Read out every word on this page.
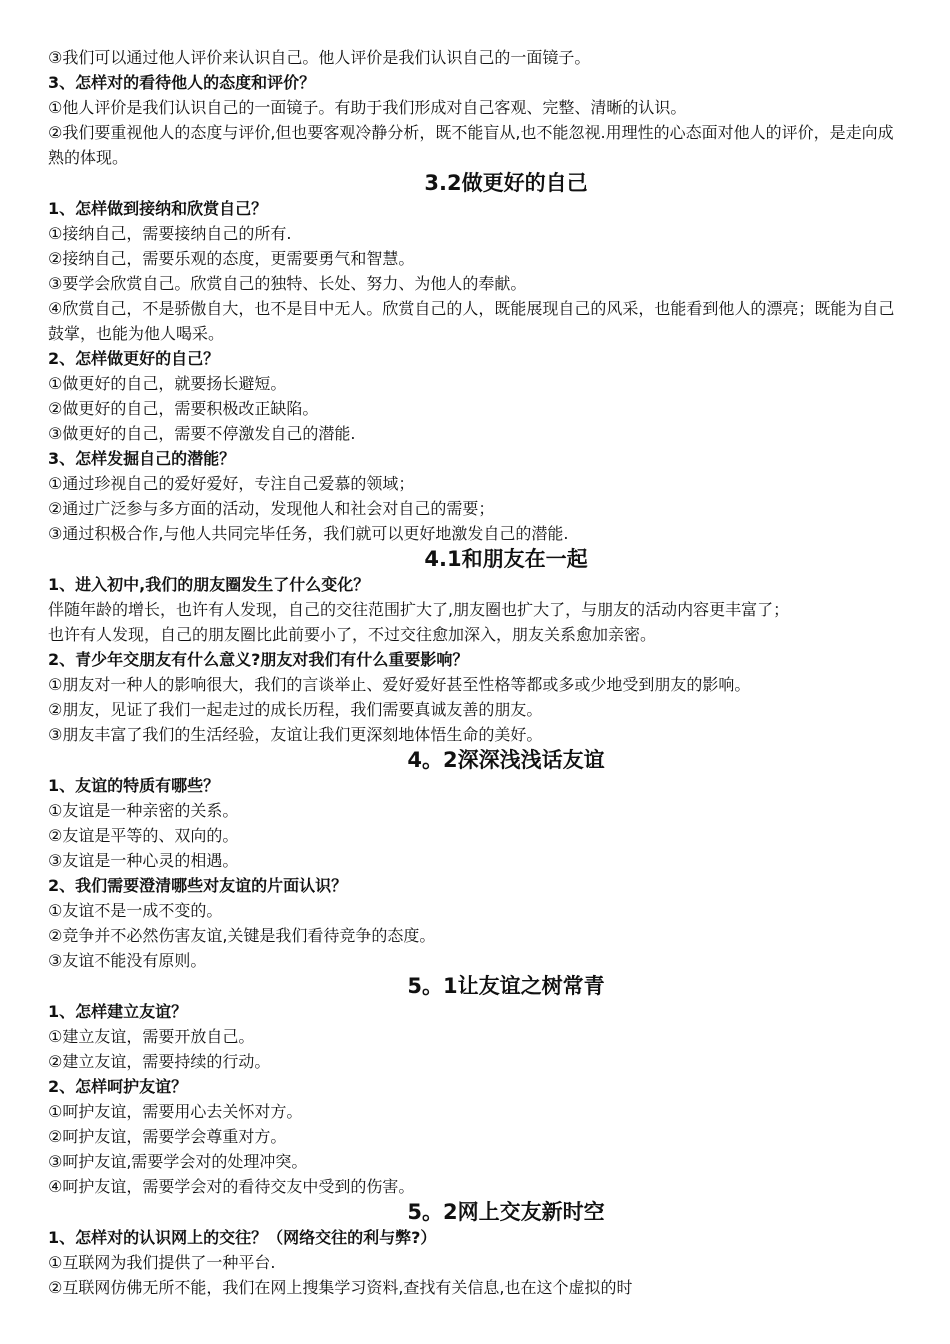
③我们可以通过他人评价来认识自己。他人评价是我们认识自己的一面镜子。
3、怎样对的看待他人的态度和评价？
①他人评价是我们认识自己的一面镜子。有助于我们形成对自己客观、完整、清晰的认识。
②我们要重视他人的态度与评价,但也要客观冷静分析，既不能盲从,也不能忽视.用理性的心态面对他人的评价，是走向成熟的体现。
3.2做更好的自己
1、怎样做到接纳和欣赏自己？
①接纳自己，需要接纳自己的所有.
②接纳自己，需要乐观的态度，更需要勇气和智慧。
③要学会欣赏自己。欣赏自己的独特、长处、努力、为他人的奉献。
④欣赏自己，不是骄傲自大，也不是目中无人。欣赏自己的人，既能展现自己的风采，也能看到他人的漂亮；既能为自己鼓掌，也能为他人喝采。
2、怎样做更好的自己？
①做更好的自己，就要扬长避短。
②做更好的自己，需要积极改正缺陷。
③做更好的自己，需要不停激发自己的潜能.
3、怎样发掘自己的潜能？
①通过珍视自己的爱好爱好，专注自己爱慕的领域；
②通过广泛参与多方面的活动，发现他人和社会对自己的需要；
③通过积极合作,与他人共同完毕任务，我们就可以更好地激发自己的潜能.
4.1和朋友在一起
1、进入初中,我们的朋友圈发生了什么变化？
伴随年龄的增长，也许有人发现，自己的交往范围扩大了,朋友圈也扩大了，与朋友的活动内容更丰富了；
也许有人发现，自己的朋友圈比此前要小了，不过交往愈加深入，朋友关系愈加亲密。
2、青少年交朋友有什么意义?朋友对我们有什么重要影响？
①朋友对一种人的影响很大，我们的言谈举止、爱好爱好甚至性格等都或多或少地受到朋友的影响。
②朋友，见证了我们一起走过的成长历程，我们需要真诚友善的朋友。
③朋友丰富了我们的生活经验，友谊让我们更深刻地体悟生命的美好。
4。2深深浅浅话友谊
1、友谊的特质有哪些？
①友谊是一种亲密的关系。
②友谊是平等的、双向的。
③友谊是一种心灵的相遇。
2、我们需要澄清哪些对友谊的片面认识？
①友谊不是一成不变的。
②竞争并不必然伤害友谊,关键是我们看待竞争的态度。
③友谊不能没有原则。
5。1让友谊之树常青
1、怎样建立友谊？
①建立友谊，需要开放自己。
②建立友谊，需要持续的行动。
2、怎样呵护友谊？
①呵护友谊，需要用心去关怀对方。
②呵护友谊，需要学会尊重对方。
③呵护友谊,需要学会对的处理冲突。
④呵护友谊，需要学会对的看待交友中受到的伤害。
5。2网上交友新时空
1、怎样对的认识网上的交往？（网络交往的利与弊?）
①互联网为我们提供了一种平台.
②互联网仿佛无所不能，我们在网上搜集学习资料,查找有关信息,也在这个虚拟的时
